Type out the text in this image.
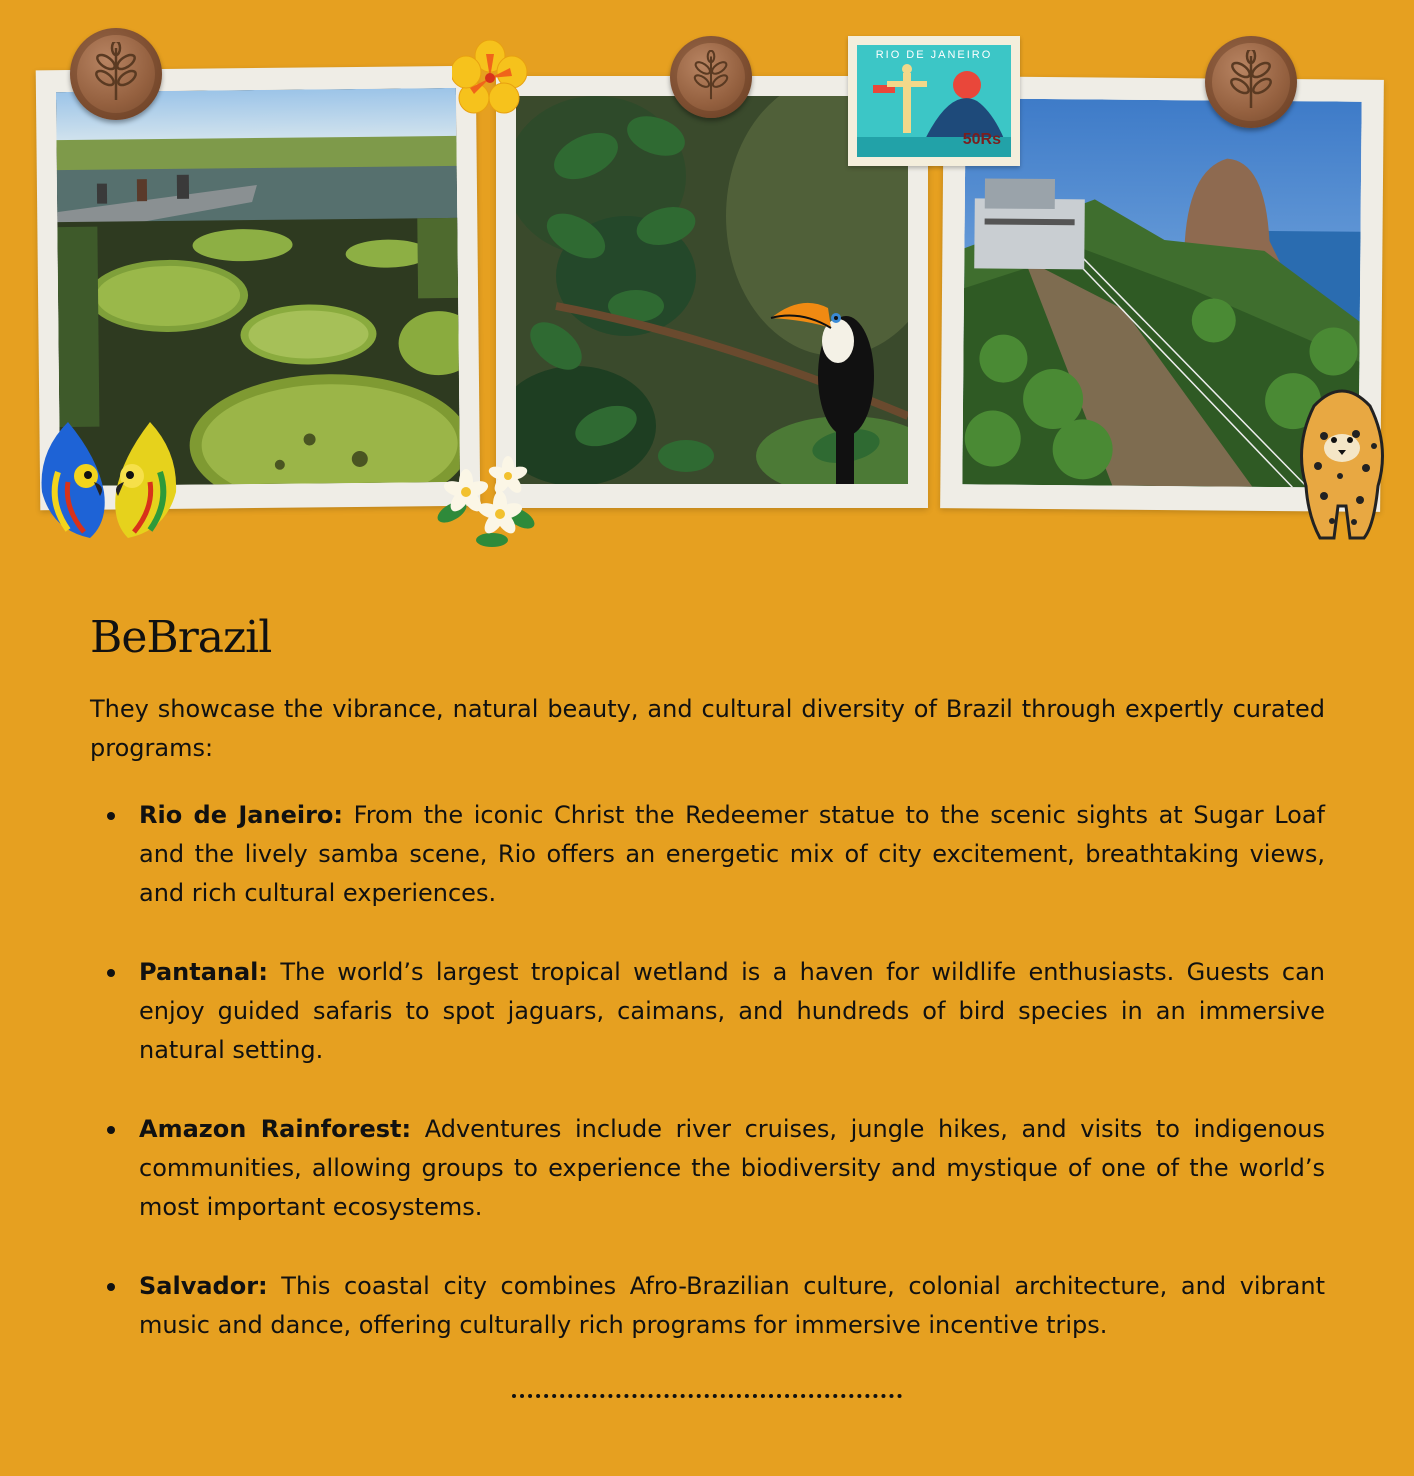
RIO DE JANEIRO
50Rs
BeBrazil

They showcase the vibrance, natural beauty, and cultural diversity of Brazil through expertly curated programs:

Rio de Janeiro: From the iconic Christ the Redeemer statue to the scenic sights at Sugar Loaf and the lively samba scene, Rio offers an energetic mix of city excitement, breathtaking views, and rich cultural experiences.
Pantanal: The world’s largest tropical wetland is a haven for wildlife enthusiasts. Guests can enjoy guided safaris to spot jaguars, caimans, and hundreds of bird species in an immersive natural setting.
Amazon Rainforest: Adventures include river cruises, jungle hikes, and visits to indigenous communities, allowing groups to experience the biodiversity and mystique of one of the world’s most important ecosystems.
Salvador: This coastal city combines Afro-Brazilian culture, colonial architecture, and vibrant music and dance, offering culturally rich programs for immersive incentive trips.
